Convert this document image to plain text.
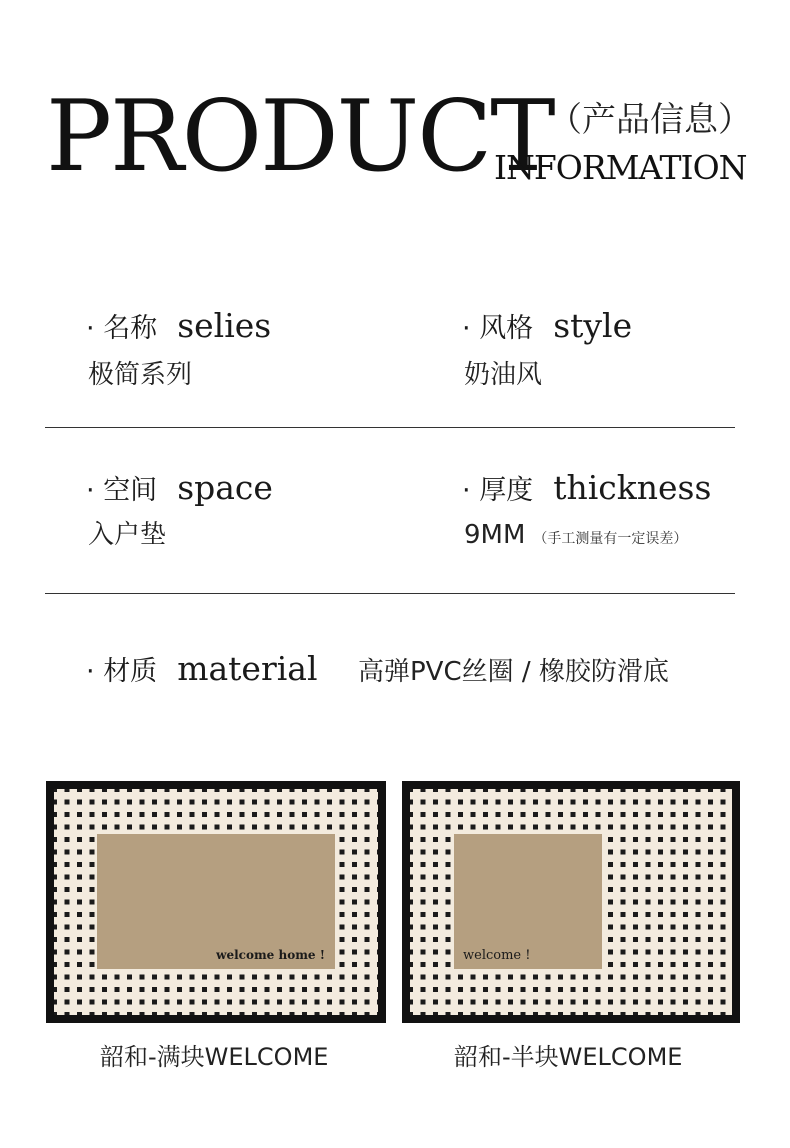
PRODUCT
（产品信息）
INFORMATION
· 名称 selies
极简系列
· 风格 style
奶油风
· 空间 space
入户垫
· 厚度 thickness
9MM （手工测量有一定误差）
· 材质 material 高弹PVC丝圈 / 橡胶防滑底
welcome home !	welcome !
韶和-满块WELCOME	韶和-半块WELCOME
